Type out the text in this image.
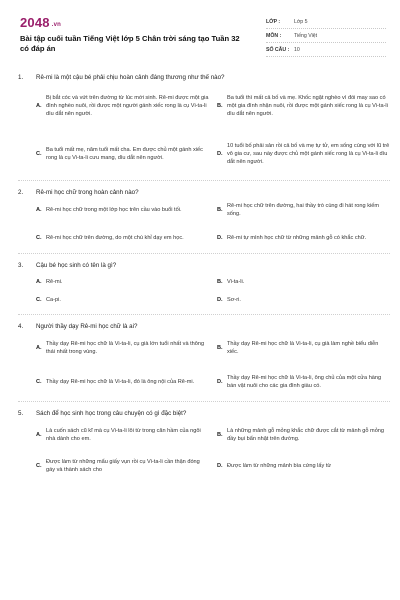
2048 .vn
Bài tập cuối tuần Tiếng Việt lớp 5 Chân trời sáng tạo Tuần 32 có đáp án
LỚP :	Lớp 5
MÔN :	Tiếng Việt
SỐ CÂU : 10
1. Rê-mi là một cậu bé phải chịu hoàn cảnh đáng thương như thế nào?
A.
Bị bắt cóc và vứt trên đường từ lúc mới sinh. Rê-mi được một gia đình nghèo nuôi, rồi được một người gánh xiếc rong là cụ Vi-ta-li dìu dắt nên người.
B.
Ba tuổi thì mất cả bố và mẹ. Khốc ngặt nghèo vì đói may sao có một gia đình nhận nuôi, rồi được một gánh xiếc rong là cụ Vi-ta-li dìu dắt nên người.
C.
Ba tuổi mất mẹ, năm tuổi mất cha. Em được chủ một gánh xiếc rong là cụ Vi-ta-li cưu mang, dìu dắt nên người.
D.
10 tuổi bố phải sản rồi cả bố và mẹ tự tử, em sống cùng với lũ trẻ vô gia cư, sau này được chủ một gánh xiếc rong là cụ Vi-ta-li dìu dắt nên người.
2. Rê-mi học chữ trong hoàn cảnh nào?
A. Rê-mi học chữ trong một lớp học trên cầu vào buổi tối.	B.
Rê-mi học chữ trên đường, hai thầy trò cùng đi hát rong kiếm sống.
C. Rê-mi học chữ trên đường, do một chú khỉ dạy em học.	D. Rê-mi tự mình học chữ từ những mảnh gỗ có khắc chữ.
3. Cậu bé học sinh có tên là gì?
A. Rê-mi.	B. Vi-ta-li.
C. Ca-pi.	D. Sơ-ri.
4. Người thầy dạy Rê-mi học chữ là ai?
A.
Thầy dạy Rê-mi học chữ là Vi-ta-li, cụ già lớn tuổi nhất và thông thái nhất trong vùng.
B.
Thầy dạy Rê-mi học chữ là Vi-ta-li, cụ già làm nghề biểu diễn xiếc.
C. Thầy dạy Rê-mi học chữ là Vi-ta-li, đó là ông nội của Rê-mi.	D.
Thầy dạy Rê-mi học chữ là Vi-ta-li, ông chủ của một cửa hàng bán vật nuôi cho các gia đình giàu có.
5. Sách để học sinh học trong câu chuyện có gì đặc biệt?
A.
Là cuốn sách cũ kĩ mà cụ Vi-ta-li lôi từ trong căn hầm của ngôi nhà dành cho em.
B.
Là những mảnh gỗ mỏng khắc chữ được cắt từ mảnh gỗ mỏng đầy bụi bẩn nhặt trên đường.
C.
Được làm từ những mẩu giấy vụn rồi cụ Vi-ta-li cần thận đóng gáy và thành sách cho
D. Được làm từ những mảnh bìa cứng lấy từ
